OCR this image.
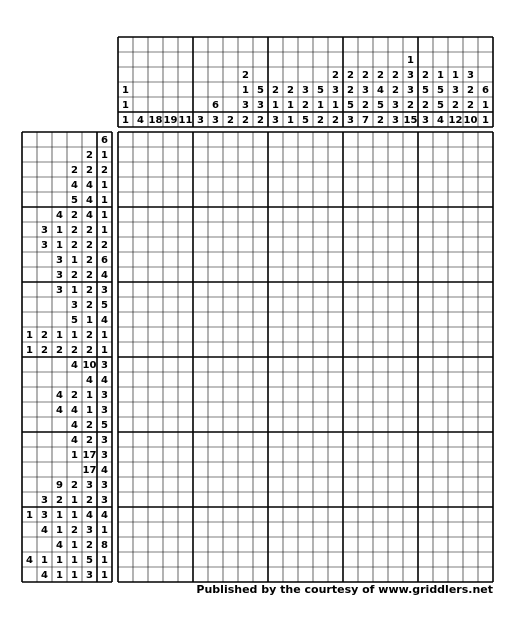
1
1
1 4 18 19 11 3
6
3 2
2
1
3
2
5
3
2
2
1
3
2
1
1
3
2
5
5
1
2
2
3
1
2
2
2
5
3
2
3
2
7
2
4
5
2
2
2
3
3
1
3
3
2
15
2
5
2
3
1
5
5
4
1
3
2
12
3
2
2
10
6
1
1
6
2 1
2 2 2
4 4 1
5 4 1
4 2 4 1
3 1 2 2 1
3 1 2 2 2
3 1 2 6
3 2 2 4
3 1 2 3
3 2 5
5 1 4
1 2 1 1 2 1
1 2 2 2 2 1
4 10 3
4 4
4 2 1 3
4 4 1 3
4 2 5
4 2 3
1 17 3
17 4
9 2 3 3
3 2 1 2 3
1 3 1 1 4 4
4 1 2 3 1
4 1 2 8
4 1 1 1 5 1
4 1 1 3 1
Published by the courtesy of www.griddlers.net
